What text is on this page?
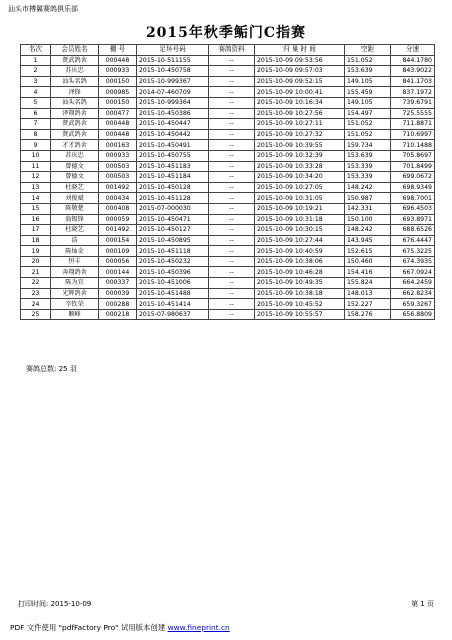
汕头市搏翼赛鸽俱乐部
2015年秋季鲘门C指赛
名次	会员姓名	棚 号	足环号码	赛鸽资料	归 巢 时 间	空距	分速
1	贤武鸽舍	000448	2015-10-511155	--	2015-10-09 09:53:56	151.052	844.1780
2	苏庆忠	000933	2015-10-450758	--	2015-10-09 09:57:03	153.639	843.9022
3	汕头名鸽	000150	2015-10-999367	--	2015-10-09 09:52:15	149.105	841.1703
4	泽锋	000985	2014-07-460709	--	2015-10-09 10:00:41	155.459	837.1972
5	汕头名鸽	000150	2015-10-999364	--	2015-10-09 10:16:34	149.105	739.6791
6	泽翔鸽舍	000477	2015-10-450386	--	2015-10-09 10:27:56	154.497	725.5555
7	贤武鸽舍	000448	2015-10-450447	--	2015-10-09 10:27:11	151.052	711.8871
8	贤武鸽舍	000448	2015-10-450442	--	2015-10-09 10:27:32	151.052	710.6997
9	才才鸽舍	000163	2015-10-450491	--	2015-10-09 10:39:55	159.734	710.1488
10	苏庆忠	000933	2015-10-450755	--	2015-10-09 10:32:39	153.639	705.8697
11	曾德文	000503	2015-10-451183	--	2015-10-09 10:33:28	153.339	701.8499
12	曾德文	000503	2015-10-451184	--	2015-10-09 10:34:20	153.339	699.0672
13	杜晓艺	001492	2015-10-450128	--	2015-10-09 10:27:05	148.242	698.9349
14	刘俊斌	000434	2015-10-451128	--	2015-10-09 10:31:05	150.987	698.7001
15	陈敬楚	000408	2015-07-000030	--	2015-10-09 10:19:21	142.331	696.4503
16	翁锡锋	000059	2015-10-450471	--	2015-10-09 10:31:18	150.100	693.8971
17	杜晓艺	001492	2015-10-450127	--	2015-10-09 10:30:15	148.242	688.6526
18	浩	000154	2015-10-450895	--	2015-10-09 10:27:44	143.945	676.4447
19	陈灿金	000109	2015-10-451118	--	2015-10-09 10:40:59	152.615	675.3225
20	恒丰	000056	2015-10-450232	--	2015-10-09 10:38:06	150.460	674.3935
21	奔翔鸽舍	000144	2015-10-450396	--	2015-10-09 10:46:28	154.416	667.0924
22	陈为宜	000337	2015-10-451006	--	2015-10-09 10:49:35	155.824	664.2459
23	光辉鸽舍	000039	2015-10-451488	--	2015-10-09 10:38:18	148.013	662.8234
24	辛钦荣	000288	2015-10-451414	--	2015-10-09 10:45:52	152.227	659.3267
25	顺峰	000218	2015-07-980637	--	2015-10-09 10:55:57	158.276	656.8809
赛鸽总数: 25 羽
打印时间: 2015-10-09	第 1 页
PDF 文件使用 "pdfFactory Pro" 试用版本创建 www.fineprint.cn
